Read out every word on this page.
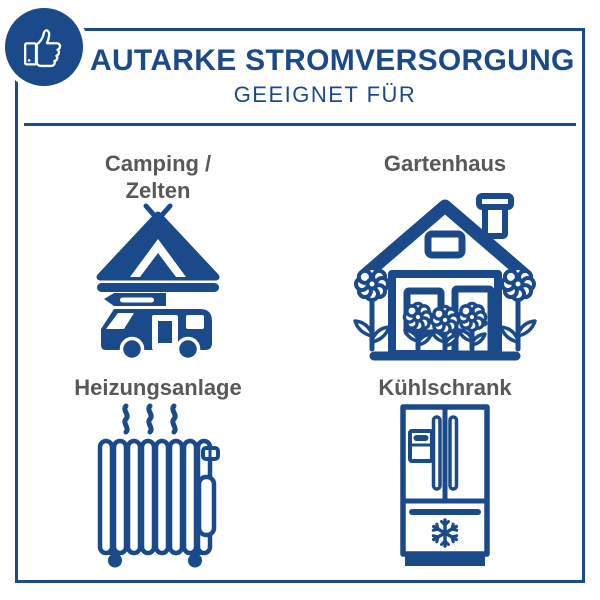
AUTARKE STROMVERSORGUNG
GEEIGNET FÜR
Camping /
Zelten
Gartenhaus
Heizungsanlage	Kühlschrank
